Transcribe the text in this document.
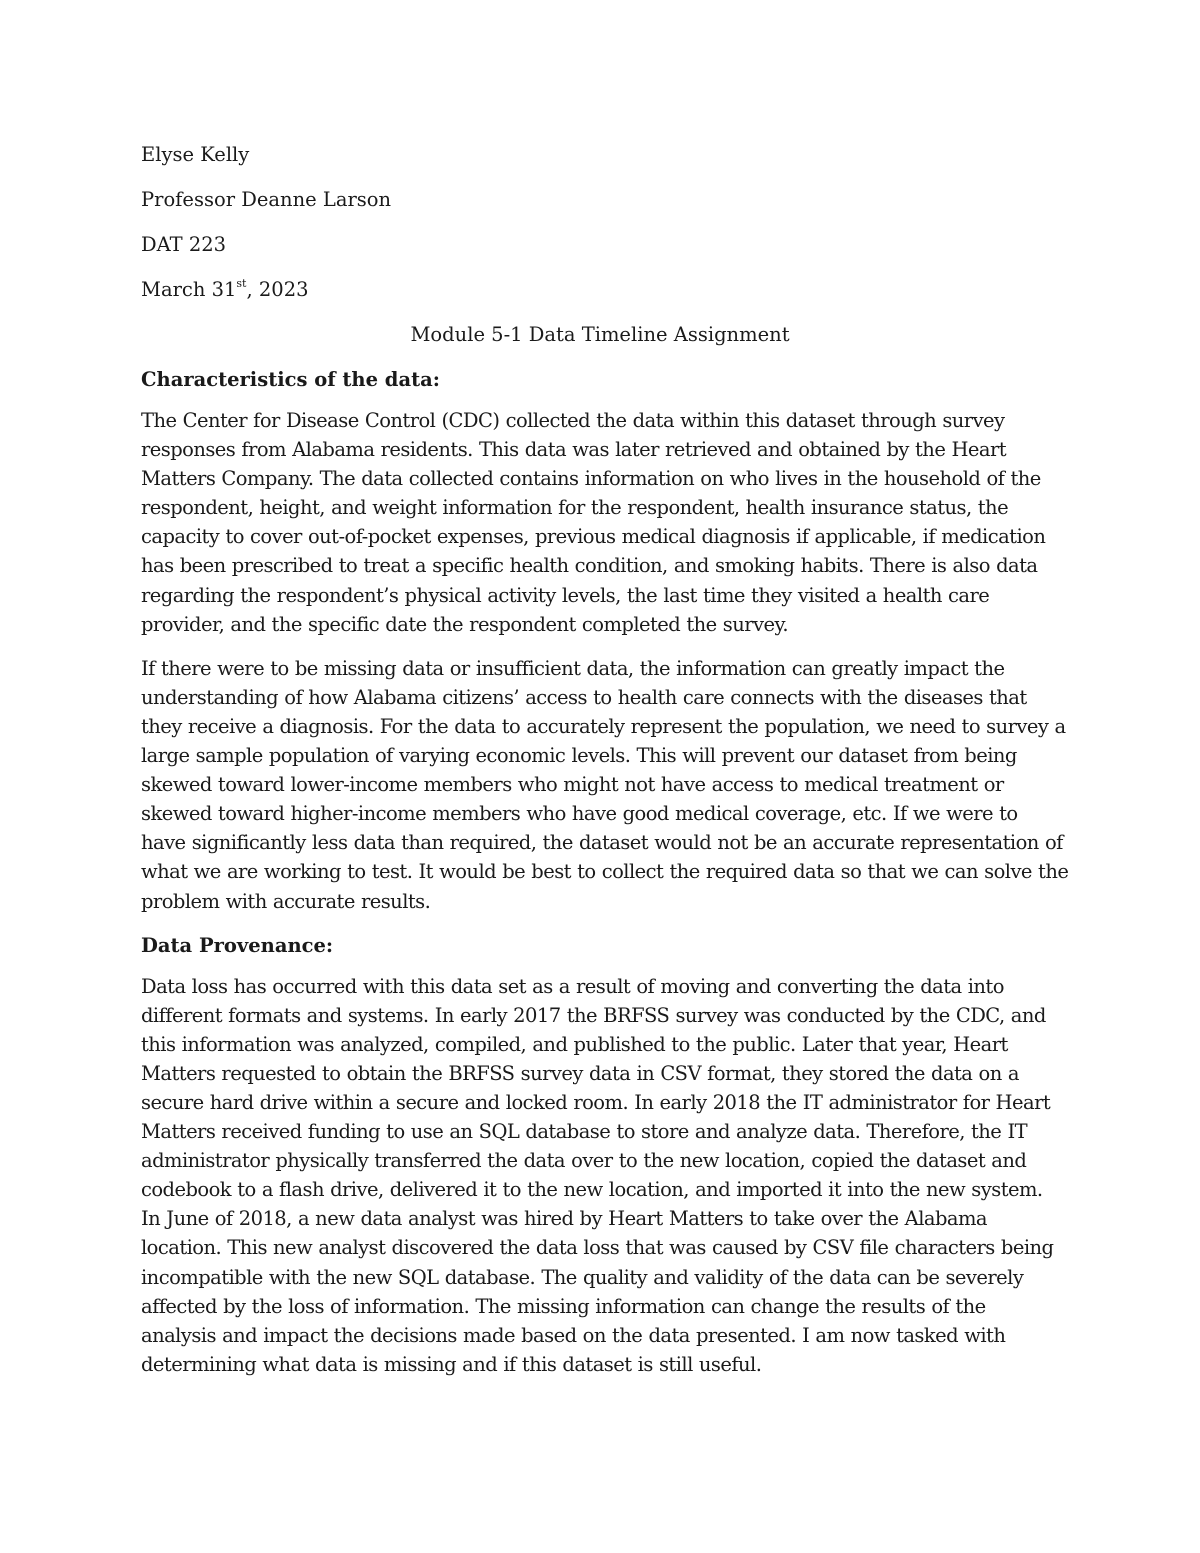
Elyse Kelly
Professor Deanne Larson
DAT 223
March 31st, 2023
Module 5-1 Data Timeline Assignment
Characteristics of the data:
The Center for Disease Control (CDC) collected the data within this dataset through survey
responses from Alabama residents. This data was later retrieved and obtained by the Heart
Matters Company. The data collected contains information on who lives in the household of the
respondent, height, and weight information for the respondent, health insurance status, the
capacity to cover out-of-pocket expenses, previous medical diagnosis if applicable, if medication
has been prescribed to treat a specific health condition, and smoking habits. There is also data
regarding the respondent’s physical activity levels, the last time they visited a health care
provider, and the specific date the respondent completed the survey.
If there were to be missing data or insufficient data, the information can greatly impact the
understanding of how Alabama citizens’ access to health care connects with the diseases that
they receive a diagnosis. For the data to accurately represent the population, we need to survey a
large sample population of varying economic levels. This will prevent our dataset from being
skewed toward lower-income members who might not have access to medical treatment or
skewed toward higher-income members who have good medical coverage, etc. If we were to
have significantly less data than required, the dataset would not be an accurate representation of
what we are working to test. It would be best to collect the required data so that we can solve the
problem with accurate results.
Data Provenance:
Data loss has occurred with this data set as a result of moving and converting the data into
different formats and systems. In early 2017 the BRFSS survey was conducted by the CDC, and
this information was analyzed, compiled, and published to the public. Later that year, Heart
Matters requested to obtain the BRFSS survey data in CSV format, they stored the data on a
secure hard drive within a secure and locked room. In early 2018 the IT administrator for Heart
Matters received funding to use an SQL database to store and analyze data. Therefore, the IT
administrator physically transferred the data over to the new location, copied the dataset and
codebook to a flash drive, delivered it to the new location, and imported it into the new system.
In June of 2018, a new data analyst was hired by Heart Matters to take over the Alabama
location. This new analyst discovered the data loss that was caused by CSV file characters being
incompatible with the new SQL database. The quality and validity of the data can be severely
affected by the loss of information. The missing information can change the results of the
analysis and impact the decisions made based on the data presented. I am now tasked with
determining what data is missing and if this dataset is still useful.
